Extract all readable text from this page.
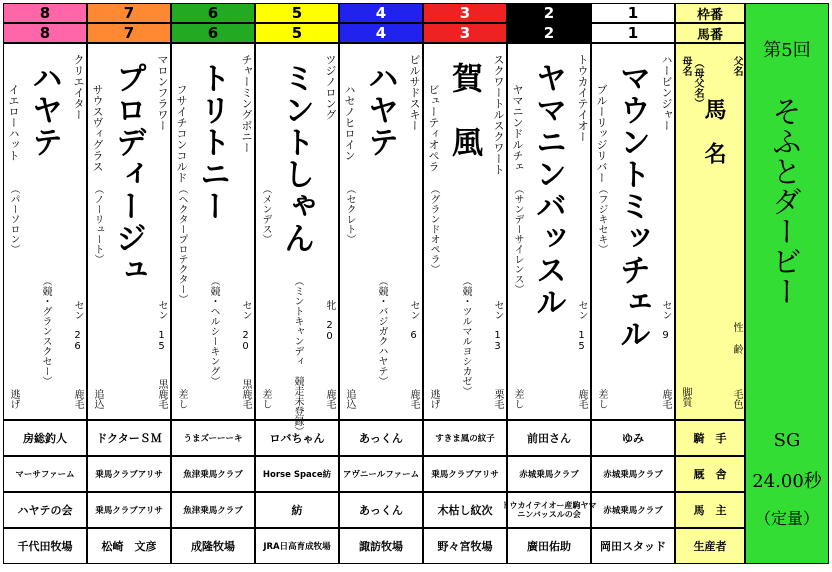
8
8
ハヤテ クリエイター
イエローハット
（パーソロン）
（競・グランスクセー） セン　26
鹿毛
逃げ
房総釣人
マーサファーム
ハヤテの会
千代田牧場
7
7
プロディージュ マロンフラワー
サウスヴィグラス
（ノーリュート）
セン　15
黒鹿毛
追込
ドクターＳＭ
乗馬クラブアリサ
乗馬クラブアリサ
松崎　文彦
6
6
トリトニー チャーミングボニー
フサイチコンコルド
（ヘクタープロテクター）
（競・ヘルシーキング） セン　20
黒鹿毛
差し
うまズーーーキ
魚津乗馬クラブ
魚津乗馬クラブ
成隆牧場
5
5
ミントしゃん ツジノロング
（メンデス）
（ミントキャンディ　競走未登録） 牝　20
鹿毛
差し
ロバちゃん
Horse Space紡
紡
JRA日高育成牧場
4
4
ハヤテ ビルサドスキー
ハセノヒロイン
（セクレト）
（競・バジガクハヤテ） セン　6
鹿毛
追込
あっくん
アヴニールファーム
あっくん
諏訪牧場
3
3
賀　風 スクワートルスクワート
ビューティオペラ
（グランドオペラ）
（競・ツルマルヨシカゼ） セン　13
栗毛
逃げ
すきま風の紋子
乗馬クラブアリサ
木枯し紋次
野々宮牧場
2
2
ヤマニンバッスル トウカイテイオー
ヤマニンドルチェ
（サンデーサイレンス）
セン　15
鹿毛
差し
前田さん
赤城乗馬クラブ
トウカイテイオー産駒ヤマ
ニンバッスルの会
廣田佑助
1
1
マウントミッチェル ハービンジャー
ブルーリッジリバー
（フジキセキ）
セン　9
鹿毛
差し
ゆみ
赤城乗馬クラブ
赤城乗馬クラブ
岡田スタッド
枠番
馬番
父名
母名 （母父名）
馬　名
性
齢
毛色
脚質
騎　手
厩　舎
馬　主
生産者
第5回
そふとダービー
SG
24.00秒
（定量）
